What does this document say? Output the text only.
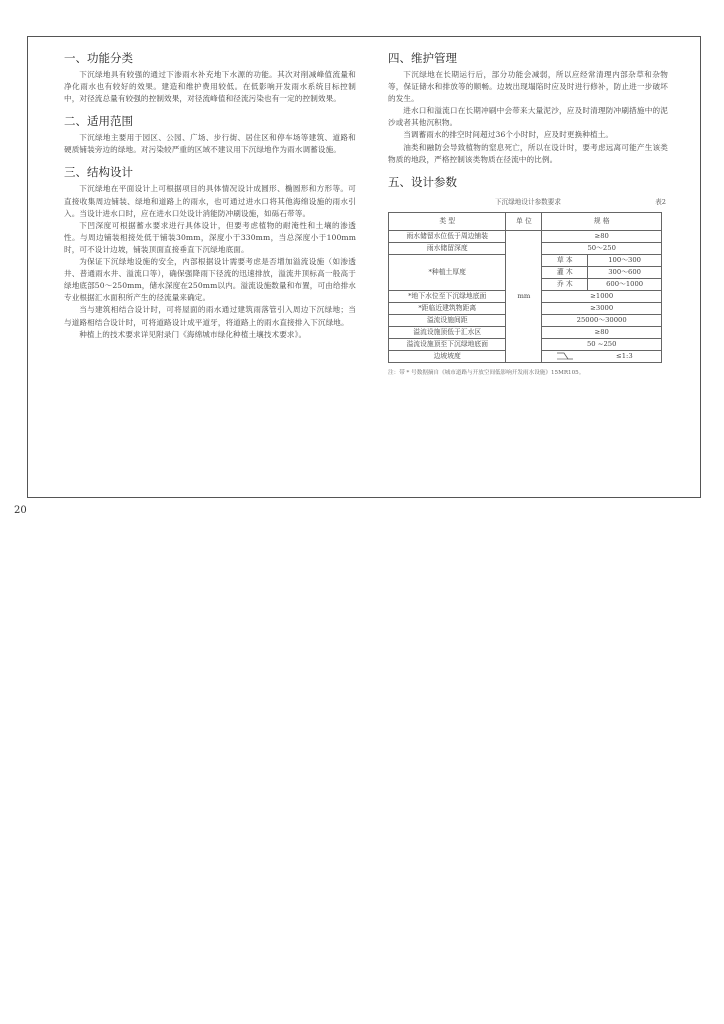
一、功能分类

下沉绿地具有较强的通过下渗雨水补充地下水源的功能。其次对削减峰值流量和净化雨水也有较好的效果。建造和维护费用较低。在低影响开发雨水系统目标控制中，对径流总量有较强的控制效果，对径流峰值和径流污染也有一定的控制效果。

二、适用范围

下沉绿地主要用于园区、公园、广场、步行街、居住区和停车场等建筑、道路和硬质铺装旁边的绿地。对污染较严重的区域不建议用下沉绿地作为雨水调蓄设施。

三、结构设计

下沉绿地在平面设计上可根据项目的具体情况设计成圆形、椭圆形和方形等。可直接收集周边铺装、绿地和道路上的雨水，也可通过进水口将其他海绵设施的雨水引入。当设计进水口时，应在进水口处设计消能防冲刷设施，如砾石带等。

下凹深度可根据蓄水要求进行具体设计，但要考虑植物的耐淹性和土壤的渗透性。与周边铺装相接处低于铺装30mm，深度小于330mm，当总深度小于100mm时，可不设计边坡，铺装顶面直接垂直下沉绿地底面。

为保证下沉绿地设施的安全，内部根据设计需要考虑是否增加溢流设施（如渗透井、普通雨水井、溢流口等），确保强降雨下径流的迅速排放，溢流井顶标高一般高于绿地底部50～250mm，储水深度在250mm以内。溢流设施数量和布置，可由给排水专业根据汇水面积所产生的径流量来确定。

当与建筑相结合设计时，可将屋面的雨水通过建筑雨落管引入周边下沉绿地；当与道路相结合设计时，可将道路设计成平道牙，将道路上的雨水直接排入下沉绿地。

种植上的技术要求详见附录门《海绵城市绿化种植土壤技术要求》。

四、维护管理

下沉绿地在长期运行后，部分功能会减弱，所以应经常清理内部杂草和杂物等，保证储水和排放等的顺畅。边坡出现塌陷时应及时进行修补，防止进一步破坏的发生。

进水口和溢流口在长期冲刷中会带来大量泥沙，应及时清理防冲刷措施中的泥沙或者其他沉积物。

当调蓄雨水的排空时间超过36个小时时，应及时更换种植土。

油类和融防会导致植物的窒息死亡，所以在设计时，要考虑远离可能产生该类物质的地段，严格控制该类物质在径流中的比例。

五、设计参数
下沉绿地设计参数要求	表2
类 型	单 位	规 格	
雨水储留水位低于周边铺装	mm	≥80	
雨水储留深度		50～250	
*种植土厚度		草 本	100～300
		灌 木	300～600
		乔 木	600～1000
*地下水位至下沉绿地底面		≥1000	
*距临近建筑物距离		≥3000	
溢流设施间距		25000～30000	
溢流设施顶低于汇水区		≥80	
溢流设施顶至下沉绿地底面		50 ~250	
边坡坡度			≤1:3
注：带 * 号数据摘自《城市道路与开放空间低影响开发雨水设施》15MR105。
20
